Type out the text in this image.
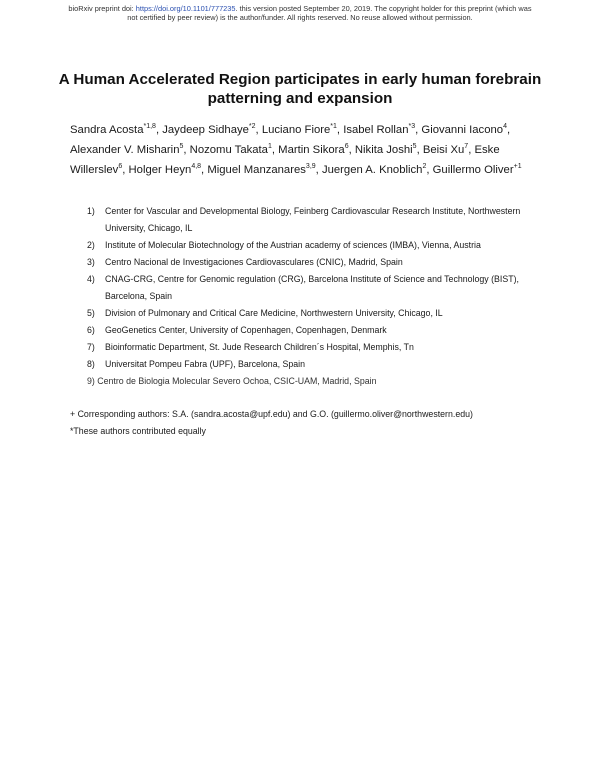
bioRxiv preprint doi: https://doi.org/10.1101/777235. this version posted September 20, 2019. The copyright holder for this preprint (which was
not certified by peer review) is the author/funder. All rights reserved. No reuse allowed without permission.
A Human Accelerated Region participates in early human forebrain patterning and expansion
Sandra Acosta$^{*1,8}$, Jaydeep Sidhaye$^{*2}$, Luciano Fiore$^{*1}$, Isabel Rollan$^{*3}$, Giovanni Iacono$^4$, Alexander V. Misharin$^5$, Nozomu Takata$^1$, Martin Sikora$^6$, Nikita Joshi$^5$, Beisi Xu$^7$, Eske Willerslev$^6$, Holger Heyn$^{4,8}$, Miguel Manzanares$^{3,9}$, Juergen A. Knoblich$^2$, Guillermo Oliver$^{+1}$
1) Center for Vascular and Developmental Biology, Feinberg Cardiovascular Research Institute, Northwestern University, Chicago, IL
2) Institute of Molecular Biotechnology of the Austrian academy of sciences (IMBA), Vienna, Austria
3) Centro Nacional de Investigaciones Cardiovasculares (CNIC), Madrid, Spain
4) CNAG-CRG, Centre for Genomic regulation (CRG), Barcelona Institute of Science and Technology (BIST), Barcelona, Spain
5) Division of Pulmonary and Critical Care Medicine, Northwestern University, Chicago, IL
6) GeoGenetics Center, University of Copenhagen, Copenhagen, Denmark
7) Bioinformatic Department, St. Jude Research Children´s Hospital, Memphis, Tn
8) Universitat Pompeu Fabra (UPF), Barcelona, Spain
9) Centro de Biologia Molecular Severo Ochoa, CSIC-UAM, Madrid, Spain
+ Corresponding authors: S.A. (sandra.acosta@upf.edu) and G.O. (guillermo.oliver@northwestern.edu)
*These authors contributed equally
